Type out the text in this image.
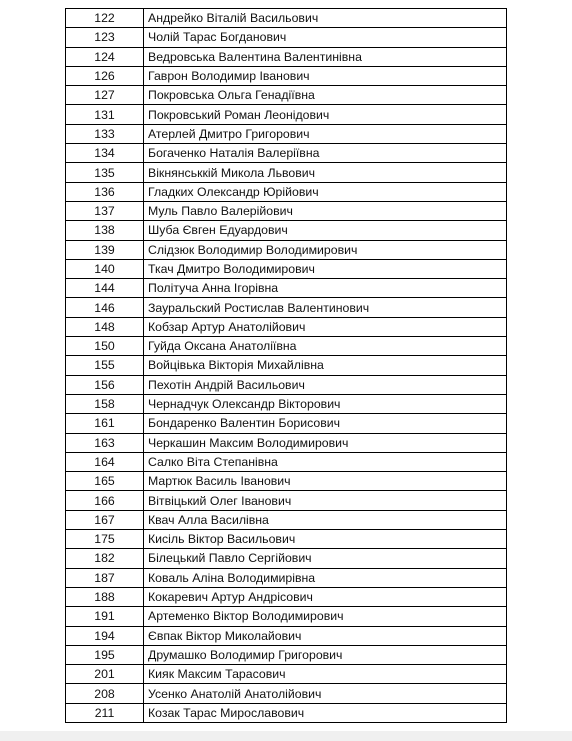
122	Андрейко Віталій Васильович
123	Чолій Тарас Богданович
124	Ведровська Валентина Валентинівна
126	Гаврон Володимир Іванович
127	Покровська Ольга Генадіївна
131	Покровський Роман Леонідович
133	Атерлей Дмитро Григорович
134	Богаченко Наталія Валеріївна
135	Вікнянськкій Микола Львович
136	Гладких Олександр Юрійович
137	Муль Павло Валерійович
138	Шуба Євген Едуардович
139	Слідзюк Володимир Володимирович
140	Ткач Дмитро Володимирович
144	Політуча Анна Ігорівна
146	Зауральский Ростислав Валентинович
148	Кобзар Артур Анатолійович
150	Гуйда Оксана Анатоліївна
155	Войцівька Вікторія Михайлівна
156	Пехотін Андрій Васильович
158	Чернадчук Олександр Вікторович
161	Бондаренко Валентин Борисович
163	Черкашин Максим Володимирович
164	Салко Віта Степанівна
165	Мартюк Василь Іванович
166	Вітвіцький Олег Іванович
167	Квач Алла Василівна
175	Кисіль Віктор Васильович
182	Білецький Павло Сергійович
187	Коваль Аліна Володимирівна
188	Кокаревич Артур Андрісович
191	Артеменко Віктор Володимирович
194	Євпак Віктор Миколайович
195	Друмашко Володимир Григорович
201	Кияк Максим Тарасович
208	Усенко Анатолій Анатолійович
211	Козак Тарас Мирославович
